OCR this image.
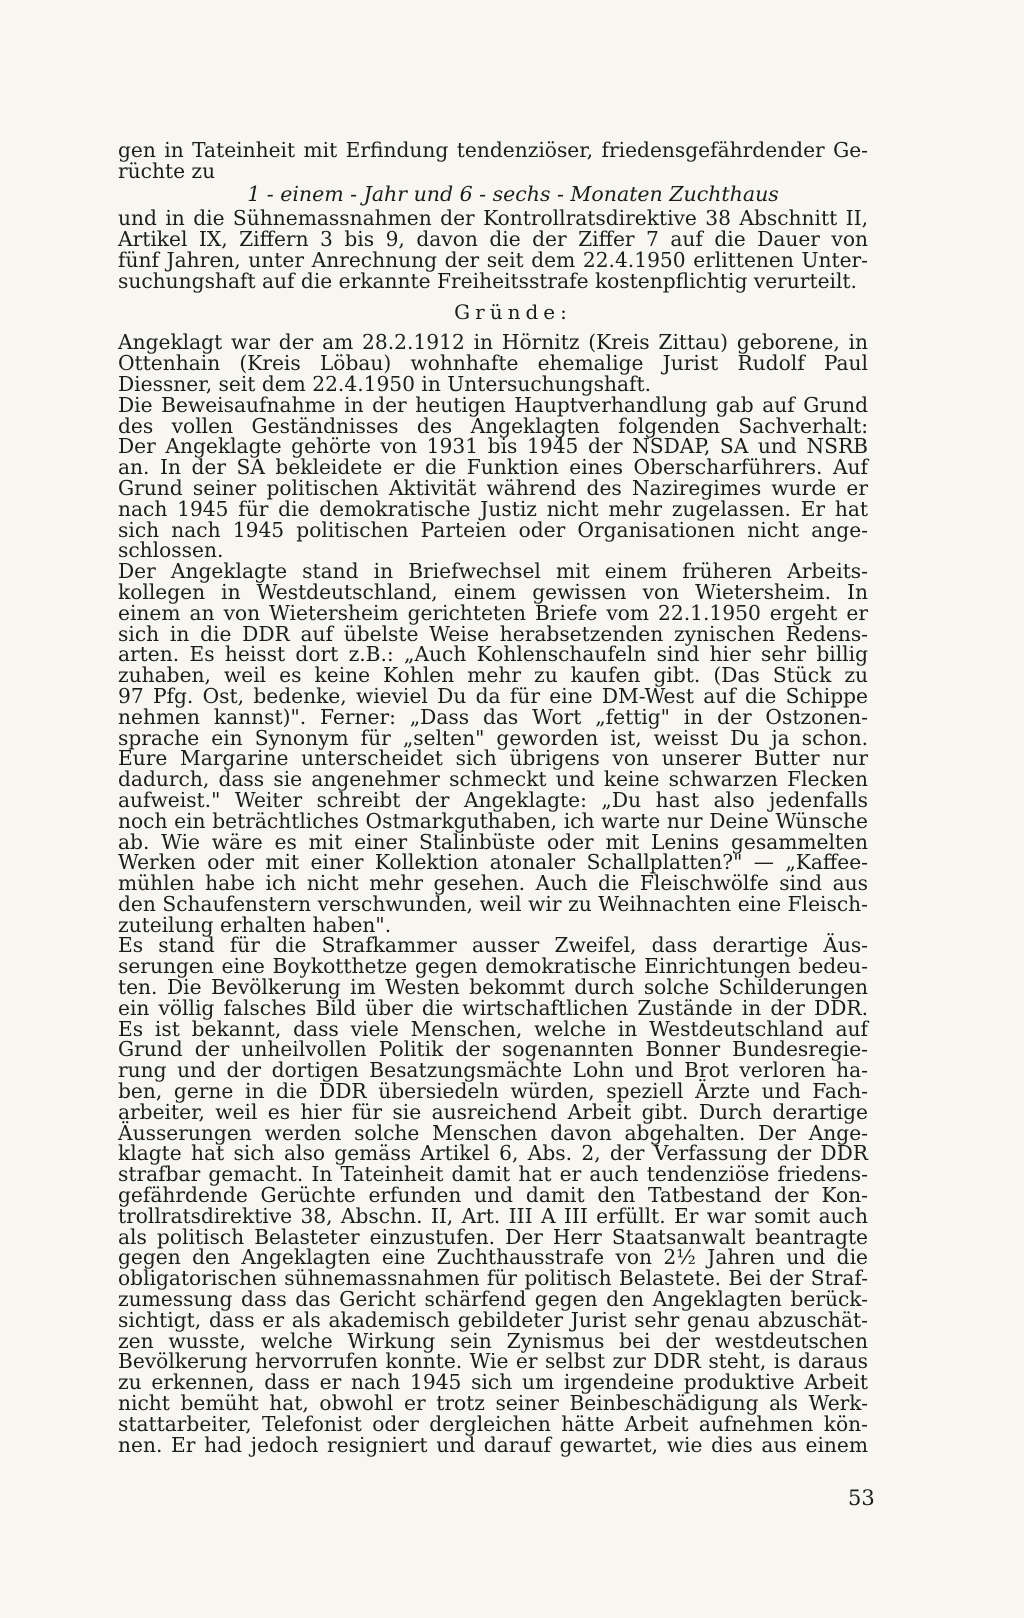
gen in Tateinheit mit Erfindung tendenziöser, friedensgefährdender Ge-
rüchte zu
1 - einem - Jahr und 6 - sechs - Monaten Zuchthaus
und in die Sühnemassnahmen der Kontrollratsdirektive 38 Abschnitt II,
Artikel IX, Ziffern 3 bis 9, davon die der Ziffer 7 auf die Dauer von
fünf Jahren, unter Anrechnung der seit dem 22.4.1950 erlittenen Unter-
suchungshaft auf die erkannte Freiheitsstrafe kostenpflichtig verurteilt.
Gründe:
Angeklagt war der am 28.2.1912 in Hörnitz (Kreis Zittau) geborene, in
Ottenhain (Kreis Löbau) wohnhafte ehemalige Jurist Rudolf Paul
Diessner, seit dem 22.4.1950 in Untersuchungshaft.
Die Beweisaufnahme in der heutigen Hauptverhandlung gab auf Grund
des vollen Geständnisses des Angeklagten folgenden Sachverhalt:
Der Angeklagte gehörte von 1931 bis 1945 der NSDAP, SA und NSRB
an. In der SA bekleidete er die Funktion eines Oberscharführers. Auf
Grund seiner politischen Aktivität während des Naziregimes wurde er
nach 1945 für die demokratische Justiz nicht mehr zugelassen. Er hat
sich nach 1945 politischen Parteien oder Organisationen nicht ange-
schlossen.
Der Angeklagte stand in Briefwechsel mit einem früheren Arbeits-
kollegen in Westdeutschland, einem gewissen von Wietersheim. In
einem an von Wietersheim gerichteten Briefe vom 22.1.1950 ergeht er
sich in die DDR auf übelste Weise herabsetzenden zynischen Redens-
arten. Es heisst dort z.B.: „Auch Kohlenschaufeln sind hier sehr billig
zuhaben, weil es keine Kohlen mehr zu kaufen gibt. (Das Stück zu
97 Pfg. Ost, bedenke, wieviel Du da für eine DM-West auf die Schippe
nehmen kannst)". Ferner: „Dass das Wort „fettig" in der Ostzonen-
sprache ein Synonym für „selten" geworden ist, weisst Du ja schon.
Eure Margarine unterscheidet sich übrigens von unserer Butter nur
dadurch, dass sie angenehmer schmeckt und keine schwarzen Flecken
aufweist." Weiter schreibt der Angeklagte: „Du hast also jedenfalls
noch ein beträchtliches Ostmarkguthaben, ich warte nur Deine Wünsche
ab. Wie wäre es mit einer Stalinbüste oder mit Lenins gesammelten
Werken oder mit einer Kollektion atonaler Schallplatten?" — „Kaffee-
mühlen habe ich nicht mehr gesehen. Auch die Fleischwölfe sind aus
den Schaufenstern verschwunden, weil wir zu Weihnachten eine Fleisch-
zuteilung erhalten haben".
Es stand für die Strafkammer ausser Zweifel, dass derartige Äus-
serungen eine Boykotthetze gegen demokratische Einrichtungen bedeu-
ten. Die Bevölkerung im Westen bekommt durch solche Schilderungen
ein völlig falsches Bild über die wirtschaftlichen Zustände in der DDR.
Es ist bekannt, dass viele Menschen, welche in Westdeutschland auf
Grund der unheilvollen Politik der sogenannten Bonner Bundesregie-
rung und der dortigen Besatzungsmächte Lohn und Brot verloren ha-
ben, gerne in die DDR übersiedeln würden, speziell Ärzte und Fach-
arbeiter, weil es hier für sie ausreichend Arbeit gibt. Durch derartige
Äusserungen werden solche Menschen davon abgehalten. Der Ange-
klagte hat sich also gemäss Artikel 6, Abs. 2, der Verfassung der DDR
strafbar gemacht. In Tateinheit damit hat er auch tendenziöse friedens-
gefährdende Gerüchte erfunden und damit den Tatbestand der Kon-
trollratsdirektive 38, Abschn. II, Art. III A III erfüllt. Er war somit auch
als politisch Belasteter einzustufen. Der Herr Staatsanwalt beantragte
gegen den Angeklagten eine Zuchthausstrafe von 2½ Jahren und die
obligatorischen sühnemassnahmen für politisch Belastete. Bei der Straf-
zumessung dass das Gericht schärfend gegen den Angeklagten berück-
sichtigt, dass er als akademisch gebildeter Jurist sehr genau abzuschät-
zen wusste, welche Wirkung sein Zynismus bei der westdeutschen
Bevölkerung hervorrufen konnte. Wie er selbst zur DDR steht, is daraus
zu erkennen, dass er nach 1945 sich um irgendeine produktive Arbeit
nicht bemüht hat, obwohl er trotz seiner Beinbeschädigung als Werk-
stattarbeiter, Telefonist oder dergleichen hätte Arbeit aufnehmen kön-
nen. Er had jedoch resigniert und darauf gewartet, wie dies aus einem
53
